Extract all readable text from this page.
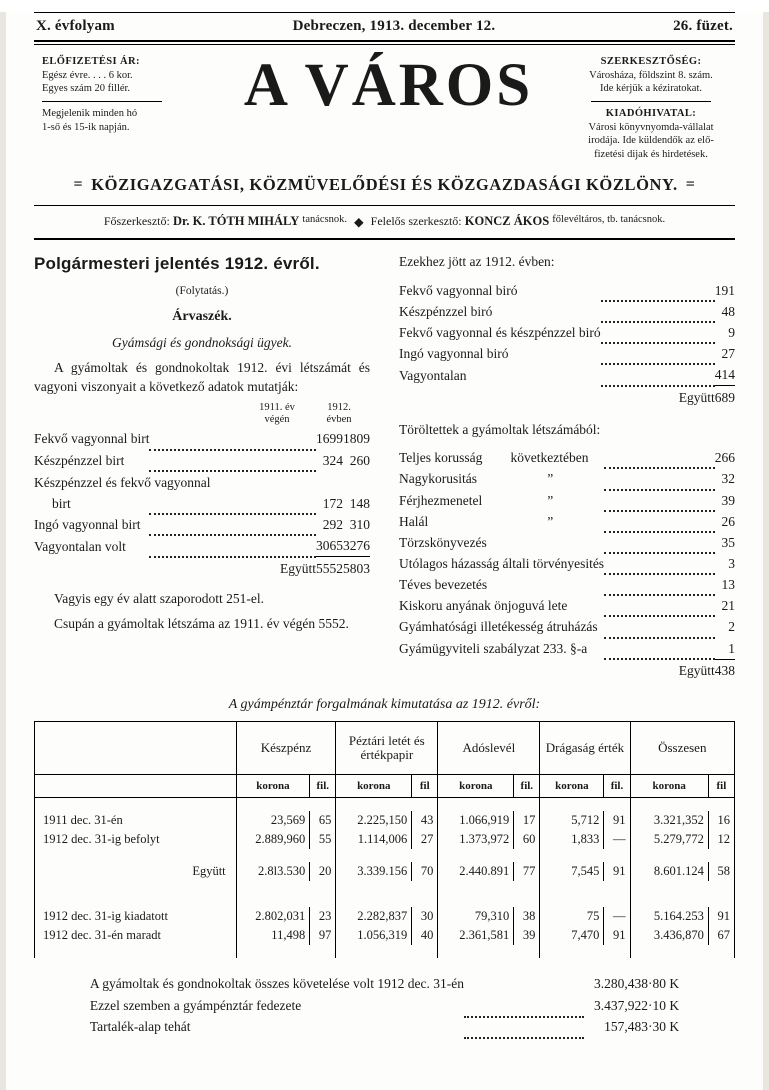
X. évfolyam	Debreczen, 1913. december 12.	26. füzet.
ELŐFIZETÉSI ÁR:
Egész évre. . . . 6 kor.
Egyes szám 20 fillér.
Megjelenik minden hó
1-ső és 15-ik napján.
A VÁROS	SZERKESZTŐSÉG:
Városháza, földszint 8. szám.
Ide kérjük a kéziratokat.
KIADÓHIVATAL:
Városi könyvnyomda-vállalat
irodája. Ide küldendők az elő-
fizetési dijak és hirdetések.
= KÖZIGAZGATÁSI, KÖZMÜVELŐDÉSI ÉS KÖZGAZDASÁGI KÖZLÖNY. =
Főszerkesztő:
Dr. K. TÓTH MIHÁLY
tanácsnok. ◆ Felelős szerkesztő:
KONCZ ÁKOS
főlevéltáros, tb. tanácsnok.
Polgármesteri jelentés 1912. évről.
(Folytatás.)
Árvaszék.
Gyámsági és gondnoksági ügyek.
A gyámoltak és gondnokoltak 1912. évi létszámát és vagyoni viszonyait a következő adatok mutatják:
1911. év
végén
1912.
évben
Fekvő vagyonnal birt		1699	1809
Készpénzzel birt		324	260
Készpénzzel és fekvő vagyonnal			
birt		172	148
Ingó vagyonnal birt		292	310
Vagyontalan volt		3065	3276
	Együtt	5552	5803
Vagyis egy év alatt szaporodott 251-el.
Csupán a gyámoltak létszáma az 1911. év végén 5552.
Ezekhez jött az 1912. évben:
Fekvő vagyonnal biró		191
Készpénzzel biró		48
Fekvő vagyonnal és készpénzzel biró		9
Ingó vagyonnal biró		27
Vagyontalan		414
	Együtt	689
Töröltettek a gyámoltak létszámából:
Teljes korusság	következtében		266
Nagykorusitás	”		32
Férjhezmenetel	”		39
Halál	”		26
Törzskönyvezés			35
Utólagos házasság általi törvényesités			3
Téves bevezetés			13
Kiskoru anyának önjoguvá lete			21
Gyámhatósági illetékesség átruházás			2
Gyámügyviteli szabályzat 233. §-a			1
	Együtt		438
A gyámpénztár forgalmának kimutatása az 1912. évről:
	Készpénz		Péztári letét és értékpapir		Adóslevél		Drágaság érték		Összesen	
	korona	fil.	korona	fil	korona	fil.	korona	fil.	korona	fil

1911 dec. 31-én	23,569	65	2.225,150	43	1.066,919	17	5,712	91	3.321,352	16
1912 dec. 31-ig befolyt	2.889,960	55	1.114,006	27	1.373,972	60	1,833	—	5.279,772	12

Együtt	2.8l3.530	20	3.339.156	70	2.440.891	77	7,545	91	8.601.124	58

1912 dec. 31-ig kiadatott	2.802,031	23	2.282,837	30	79,310	38	75	—	5.164.253	91
1912 dec. 31-én maradt	11,498	97	1.056,319	40	2.361,581	39	7,470	91	3.436,870	67

A gyámoltak és gondnokoltak összes követelése volt 1912 dec. 31-én		3.280,438·80 K
Ezzel szemben a gyámpénztár fedezete		3.437,922·10 K
Tartalék-alap tehát		157,483·30 K
